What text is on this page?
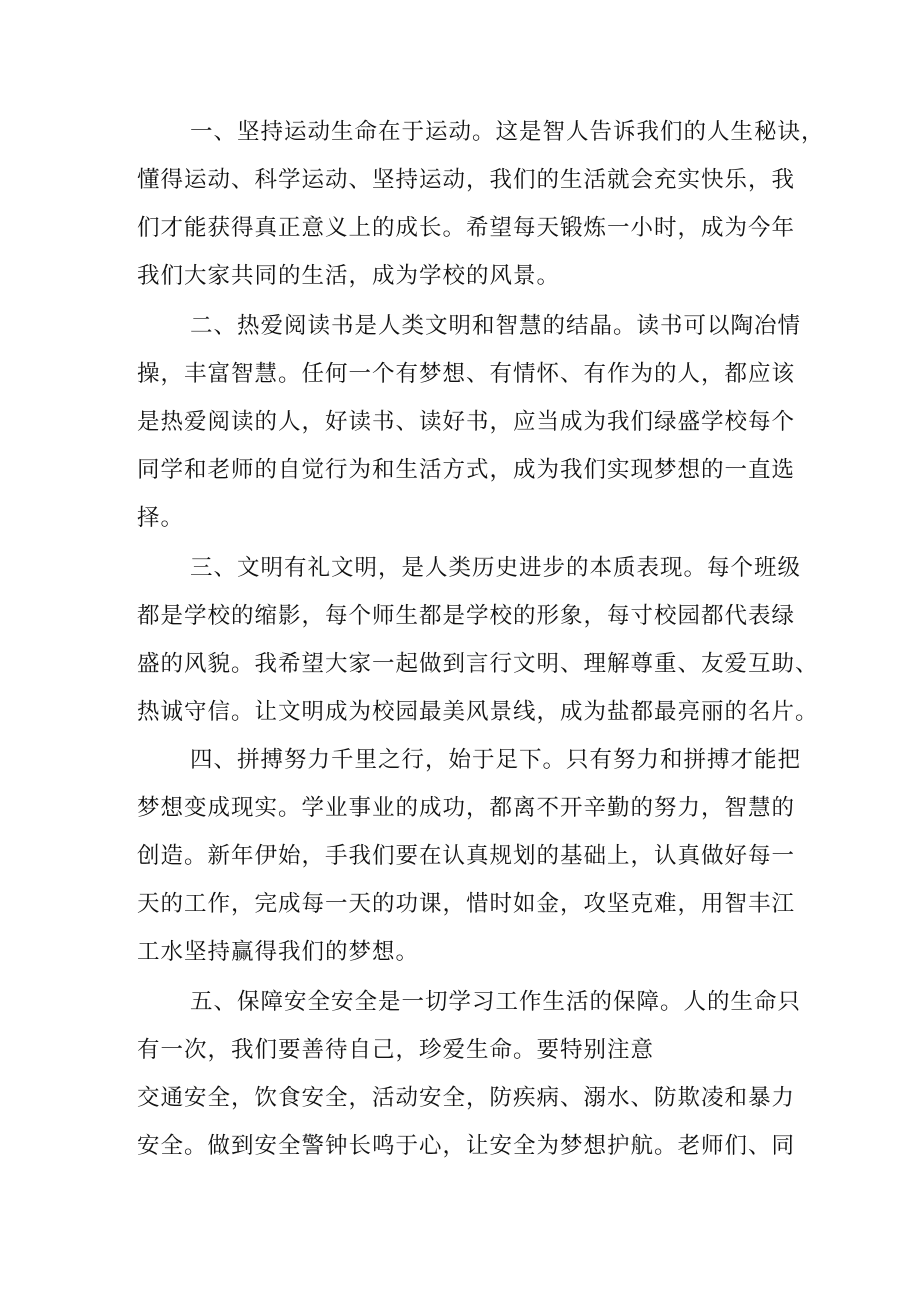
一、坚持运动生命在于运动。这是智人告诉我们的人生秘诀，
懂得运动、科学运动、坚持运动，我们的生活就会充实快乐，我
们才能获得真正意义上的成长。希望每天锻炼一小时，成为今年
我们大家共同的生活，成为学校的风景。
二、热爱阅读书是人类文明和智慧的结晶。读书可以陶冶情
操，丰富智慧。任何一个有梦想、有情怀、有作为的人，都应该
是热爱阅读的人，好读书、读好书，应当成为我们绿盛学校每个
同学和老师的自觉行为和生活方式，成为我们实现梦想的一直选
择。
三、文明有礼文明，是人类历史进步的本质表现。每个班级
都是学校的缩影，每个师生都是学校的形象，每寸校园都代表绿
盛的风貌。我希望大家一起做到言行文明、理解尊重、友爱互助、
热诚守信。让文明成为校园最美风景线，成为盐都最亮丽的名片。
四、拼搏努力千里之行，始于足下。只有努力和拼搏才能把
梦想变成现实。学业事业的成功，都离不开辛勤的努力，智慧的
创造。新年伊始，手我们要在认真规划的基础上，认真做好每一
天的工作，完成每一天的功课，惜时如金，攻坚克难，用智丰江
工水坚持赢得我们的梦想。
五、保障安全安全是一切学习工作生活的保障。人的生命只
有一次，我们要善待自己，珍爱生命。要特别注意
交通安全，饮食安全，活动安全，防疾病、溺水、防欺凌和暴力
安全。做到安全警钟长鸣于心，让安全为梦想护航。老师们、同
